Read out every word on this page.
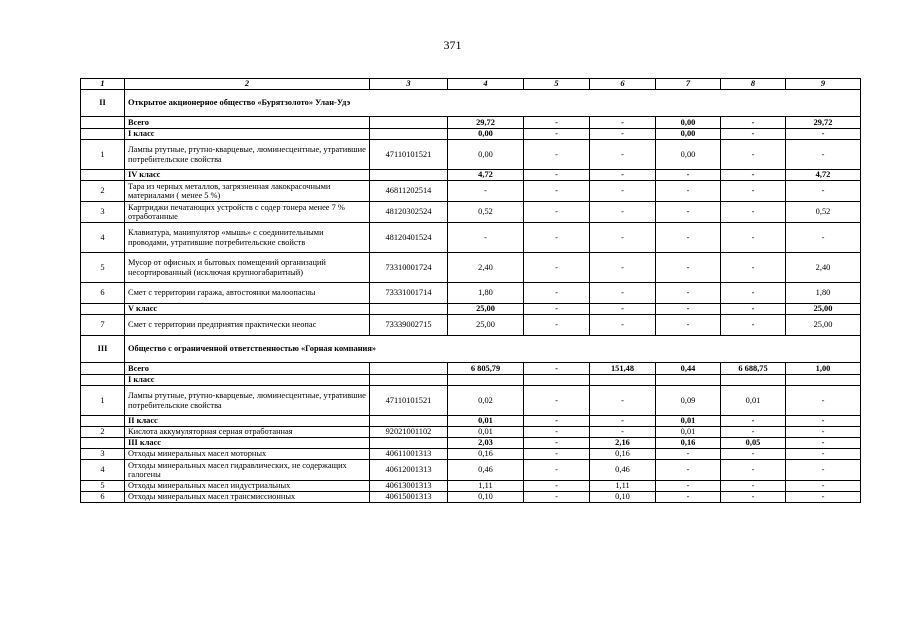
371
1	2	3	4	5	6	7	8	9
II	Открытое акционерное общество «Бурятзолото» Улан-Удэ							
	Всего		29,72	-	-	0,00	-	29,72
	I класс		0,00	-	-	0,00	-	-
1	Лампы ртутные, ртутно-кварцевые, люминесцентные, утратившие потребительские свойства	47110101521	0,00	-	-	0,00	-	-
	IV класс		4,72	-	-	-	-	4,72
2	Тара из черных металлов, загрязненная лакокрасочными материалами ( менее 5 %)	46811202514	-	-	-	-	-	-
3	Картриджи печатающих устройств с содер тонера менее 7 % отработанные	48120302524	0,52	-	-	-	-	0,52
4	Клавиатура, манипулятор «мышь» с соединительными проводами, утратившие потребительские свойств	48120401524	-	-	-	-	-	-
5	Мусор от офисных и бытовых помещений организаций несортированный (исключая крупногабаритный)	73310001724	2,40	-	-	-	-	2,40
6	Смет с территории гаража, автостоянки малоопасны	73331001714	1,80	-	-	-	-	1,80
	V класс		25,00	-	-	-	-	25,00
7	Смет с территории предприятия практически неопас	73339002715	25,00	-	-	-	-	25,00
III	Общество с ограниченной ответственностью «Горная компания»							
	Всего		6 805,79	-	151,48	0,44	6 688,75	1,00
	I класс							
1	Лампы ртутные, ртутно-кварцевые, люминесцентные, утратившие потребительские свойства	47110101521	0,02	-	-	0,09	0,01	-
	II класс		0,01	-	-	0,01	-	-
2	Кислота аккумуляторная серная отработанная	92021001102	0,01	-	-	0,01	-	-
	III класс		2,03	-	2,16	0,16	0,05	-
3	Отходы минеральных масел моторных	40611001313	0,16	-	0,16	-	-	-
4	Отходы минеральных масел гидравлических, не содержащих галогены	40612001313	0,46	-	0,46	-	-	-
5	Отходы минеральных масел индустриальных	40613001313	1,11	-	1,11	-	-	-
6	Отходы минеральных масел трансмиссионных	40615001313	0,10	-	0,10	-	-	-
